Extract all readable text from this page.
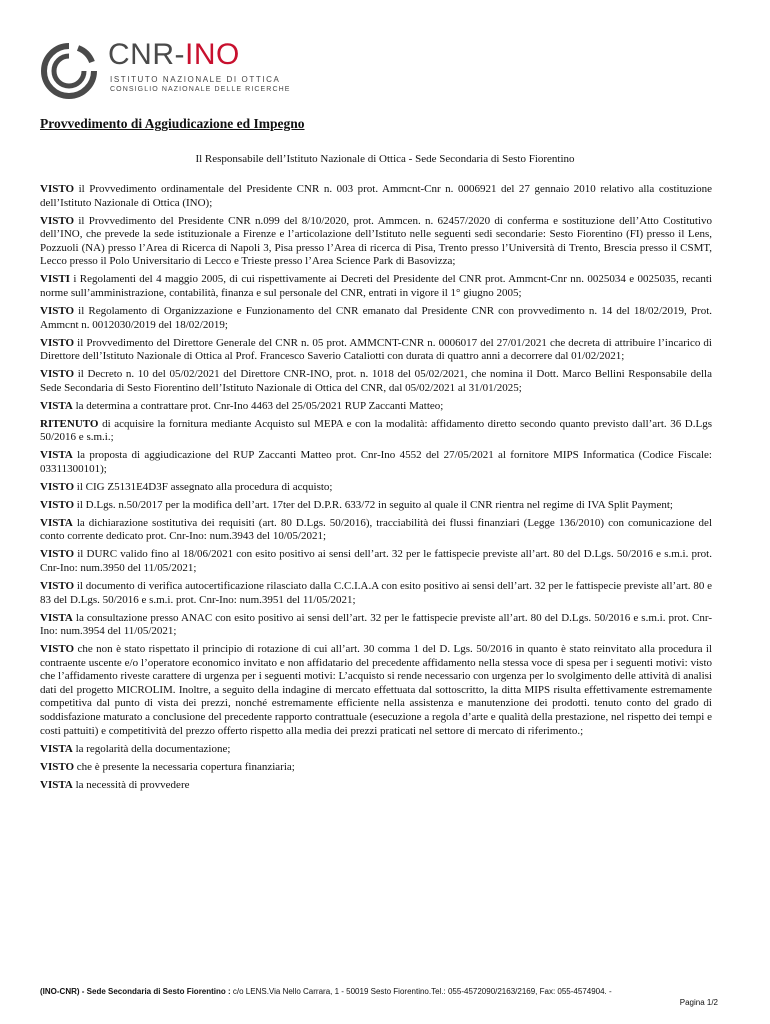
CNR-INO
ISTITUTO NAZIONALE DI OTTICA
CONSIGLIO NAZIONALE DELLE RICERCHE
Provvedimento di Aggiudicazione ed Impegno
Il Responsabile dell’Istituto Nazionale di Ottica - Sede Secondaria di Sesto Fiorentino
VISTO il Provvedimento ordinamentale del Presidente CNR n. 003 prot. Ammcnt-Cnr n. 0006921 del 27 gennaio 2010 relativo alla costituzione dell’Istituto Nazionale di Ottica (INO);
VISTO il Provvedimento del Presidente CNR n.099 del 8/10/2020, prot. Ammcen. n. 62457/2020 di conferma e sostituzione dell’Atto Costitutivo dell’INO, che prevede la sede istituzionale a Firenze e l’articolazione dell’Istituto nelle seguenti sedi secondarie: Sesto Fiorentino (FI) presso il Lens, Pozzuoli (NA) presso l’Area di Ricerca di Napoli 3, Pisa presso l’Area di ricerca di Pisa, Trento presso l’Università di Trento, Brescia presso il CSMT, Lecco presso il Polo Universitario di Lecco e Trieste presso l’Area Science Park di Basovizza;
VISTI i Regolamenti del 4 maggio 2005, di cui rispettivamente ai Decreti del Presidente del CNR prot. Ammcnt-Cnr nn. 0025034 e 0025035, recanti norme sull’amministrazione, contabilità, finanza e sul personale del CNR, entrati in vigore il 1° giugno 2005;
VISTO il Regolamento di Organizzazione e Funzionamento del CNR emanato dal Presidente CNR con provvedimento n. 14 del 18/02/2019, Prot. Ammcnt n. 0012030/2019 del 18/02/2019;
VISTO il Provvedimento del Direttore Generale del CNR n. 05 prot. AMMCNT-CNR n. 0006017 del 27/01/2021 che decreta di attribuire l’incarico di Direttore dell’Istituto Nazionale di Ottica al Prof. Francesco Saverio Cataliotti con durata di quattro anni a decorrere dal 01/02/2021;
VISTO il Decreto n. 10 del 05/02/2021 del Direttore CNR-INO, prot. n. 1018 del 05/02/2021, che nomina il Dott. Marco Bellini Responsabile della Sede Secondaria di Sesto Fiorentino dell’Istituto Nazionale di Ottica del CNR, dal 05/02/2021 al 31/01/2025;
VISTA la determina a contrattare prot. Cnr-Ino 4463 del 25/05/2021 RUP Zaccanti Matteo;
RITENUTO di acquisire la fornitura mediante Acquisto sul MEPA e con la modalità: affidamento diretto secondo quanto previsto dall’art. 36 D.Lgs 50/2016 e s.m.i.;
VISTA la proposta di aggiudicazione del RUP Zaccanti Matteo prot. Cnr-Ino 4552 del 27/05/2021 al fornitore MIPS Informatica (Codice Fiscale: 03311300101);
VISTO il CIG Z5131E4D3F assegnato alla procedura di acquisto;
VISTO il D.Lgs. n.50/2017 per la modifica dell’art. 17ter del D.P.R. 633/72 in seguito al quale il CNR rientra nel regime di IVA Split Payment;
VISTA la dichiarazione sostitutiva dei requisiti (art. 80 D.Lgs. 50/2016), tracciabilità dei flussi finanziari (Legge 136/2010) con comunicazione del conto corrente dedicato prot. Cnr-Ino: num.3943 del 10/05/2021;
VISTO il DURC valido fino al 18/06/2021 con esito positivo ai sensi dell’art. 32 per le fattispecie previste all’art. 80 del D.Lgs. 50/2016 e s.m.i. prot. Cnr-Ino: num.3950 del 11/05/2021;
VISTO il documento di verifica autocertificazione rilasciato dalla C.C.I.A.A con esito positivo ai sensi dell’art. 32 per le fattispecie previste all’art. 80 e 83 del D.Lgs. 50/2016 e s.m.i. prot. Cnr-Ino: num.3951 del 11/05/2021;
VISTA la consultazione presso ANAC con esito positivo ai sensi dell’art. 32 per le fattispecie previste all’art. 80 del D.Lgs. 50/2016 e s.m.i. prot. Cnr-Ino: num.3954 del 11/05/2021;
VISTO che non è stato rispettato il principio di rotazione di cui all’art. 30 comma 1 del D. Lgs. 50/2016 in quanto è stato reinvitato alla procedura il contraente uscente e/o l’operatore economico invitato e non affidatario del precedente affidamento nella stessa voce di spesa per i seguenti motivi: visto che l’affidamento riveste carattere di urgenza per i seguenti motivi: L’acquisto si rende necessario con urgenza per lo svolgimento delle attività di analisi dati del progetto MICROLIM. Inoltre, a seguito della indagine di mercato effettuata dal sottoscritto, la ditta MIPS risulta effettivamente estremamente competitiva dal punto di vista dei prezzi, nonché estremamente efficiente nella assistenza e manutenzione dei prodotti. tenuto conto del grado di soddisfazione maturato a conclusione del precedente rapporto contrattuale (esecuzione a regola d’arte e qualità della prestazione, nel rispetto dei tempi e costi pattuiti) e competitività del prezzo offerto rispetto alla media dei prezzi praticati nel settore di mercato di riferimento.;
VISTA la regolarità della documentazione;
VISTO che è presente la necessaria copertura finanziaria;
VISTA la necessità di provvedere
(INO-CNR) - Sede Secondaria di Sesto Fiorentino : c/o LENS.Via Nello Carrara, 1 - 50019 Sesto Fiorentino.Tel.: 055-4572090/2163/2169, Fax: 055-4574904. -
Pagina 1/2
